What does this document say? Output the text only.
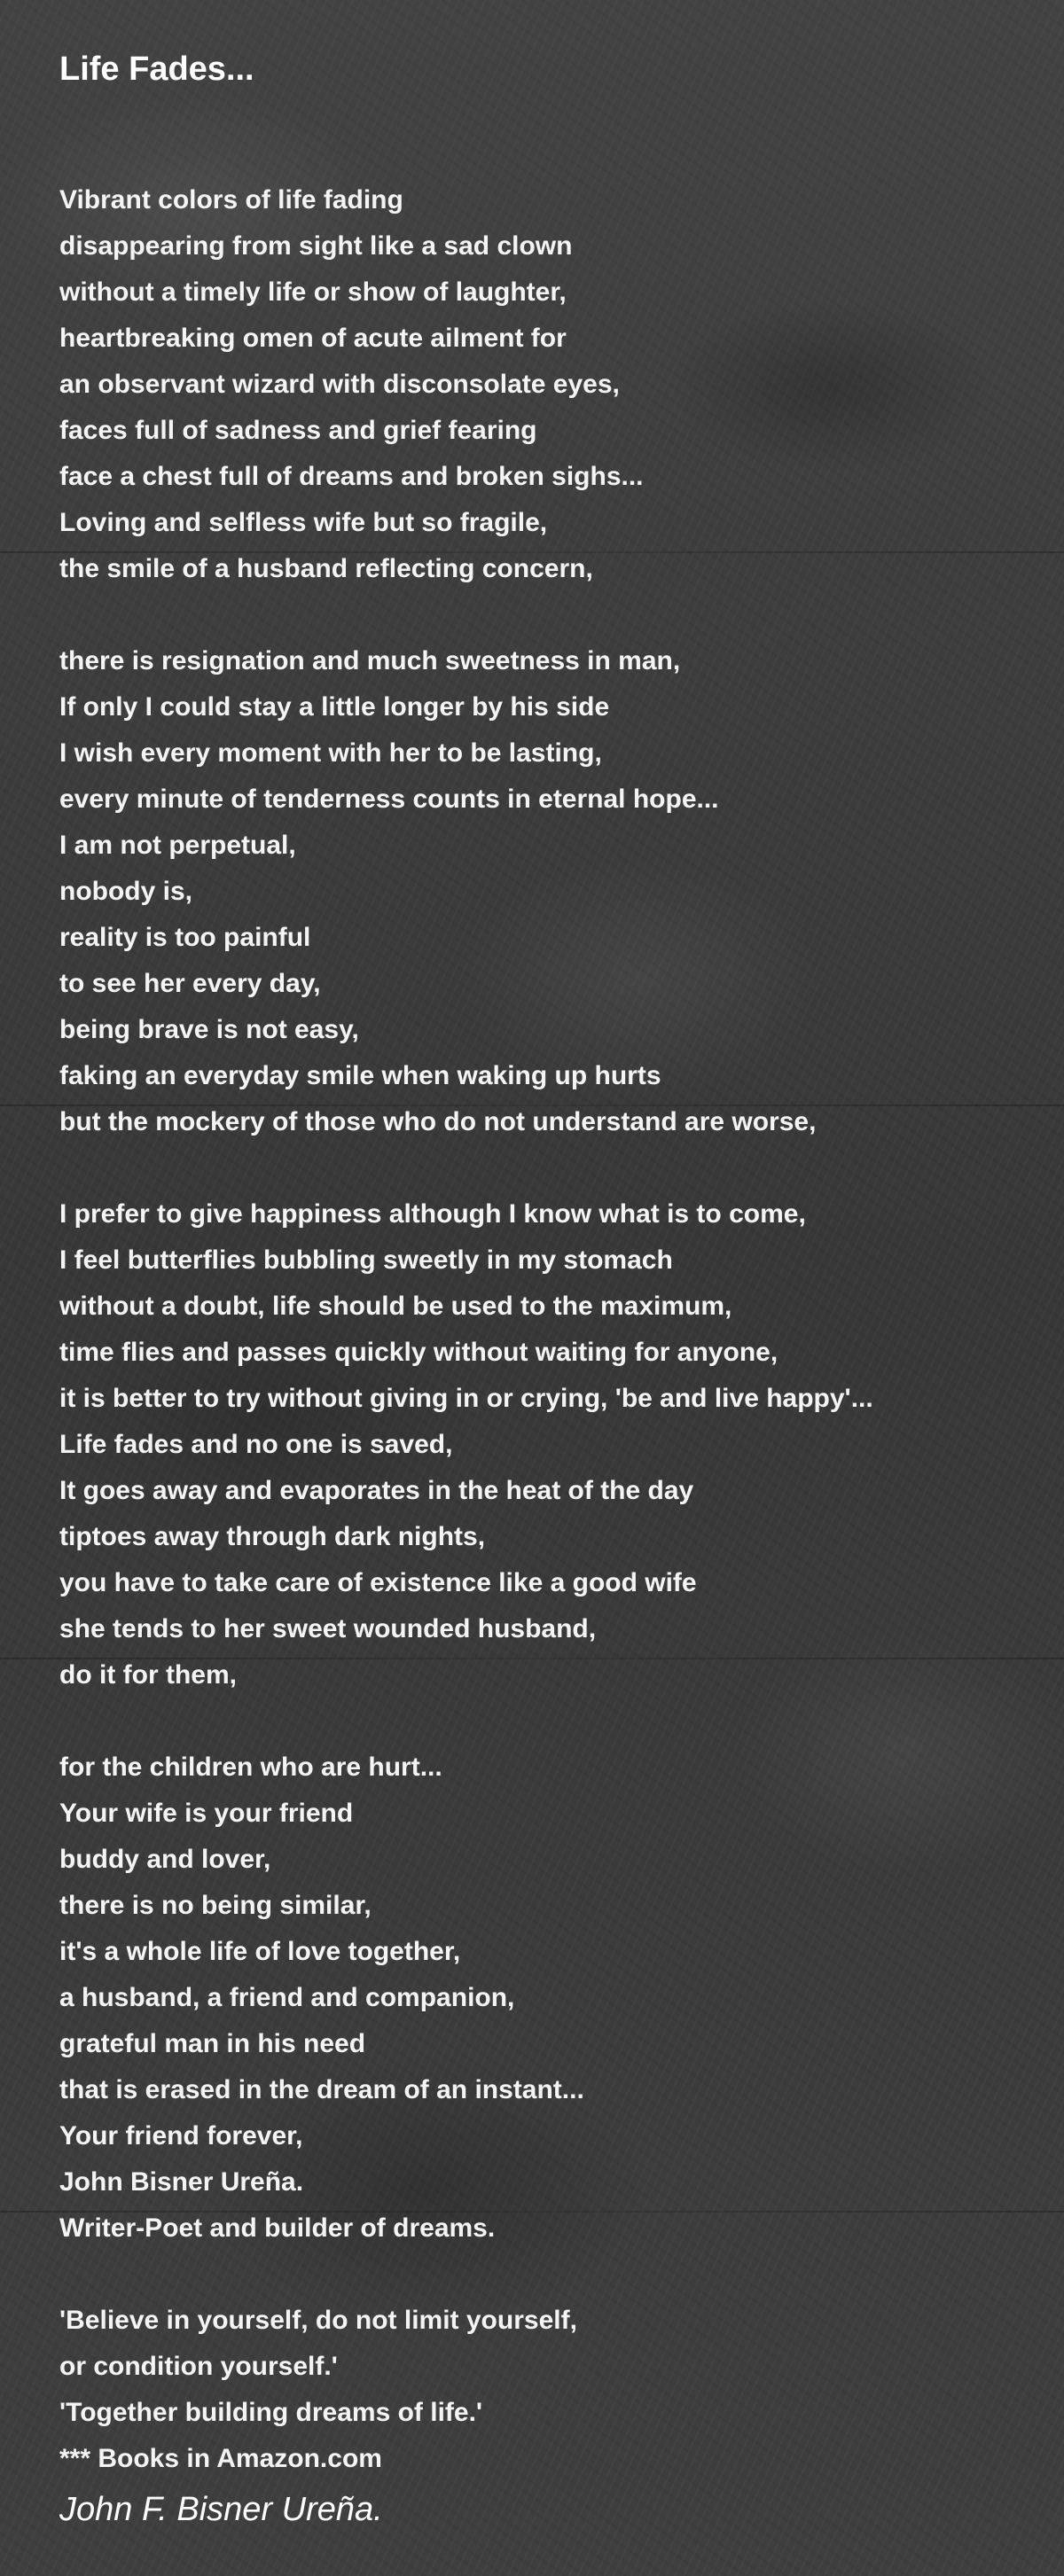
Life Fades...
Vibrant colors of life fading
disappearing from sight like a sad clown
without a timely life or show of laughter,
heartbreaking omen of acute ailment for
an observant wizard with disconsolate eyes,
faces full of sadness and grief fearing
face a chest full of dreams and broken sighs...
Loving and selfless wife but so fragile,
the smile of a husband reflecting concern,
there is resignation and much sweetness in man,
If only I could stay a little longer by his side
I wish every moment with her to be lasting,
every minute of tenderness counts in eternal hope...
I am not perpetual,
nobody is,
reality is too painful
to see her every day,
being brave is not easy,
faking an everyday smile when waking up hurts
but the mockery of those who do not understand are worse,
I prefer to give happiness although I know what is to come,
I feel butterflies bubbling sweetly in my stomach
without a doubt, life should be used to the maximum,
time flies and passes quickly without waiting for anyone,
it is better to try without giving in or crying, 'be and live happy'...
Life fades and no one is saved,
It goes away and evaporates in the heat of the day
tiptoes away through dark nights,
you have to take care of existence like a good wife
she tends to her sweet wounded husband,
do it for them,
for the children who are hurt...
Your wife is your friend
buddy and lover,
there is no being similar,
it's a whole life of love together,
a husband, a friend and companion,
grateful man in his need
that is erased in the dream of an instant...
Your friend forever,
John Bisner Ureña.
Writer-Poet and builder of dreams.
'Believe in yourself, do not limit yourself,
or condition yourself.'
'Together building dreams of life.'
*** Books in Amazon.com
John F. Bisner Ureña.
